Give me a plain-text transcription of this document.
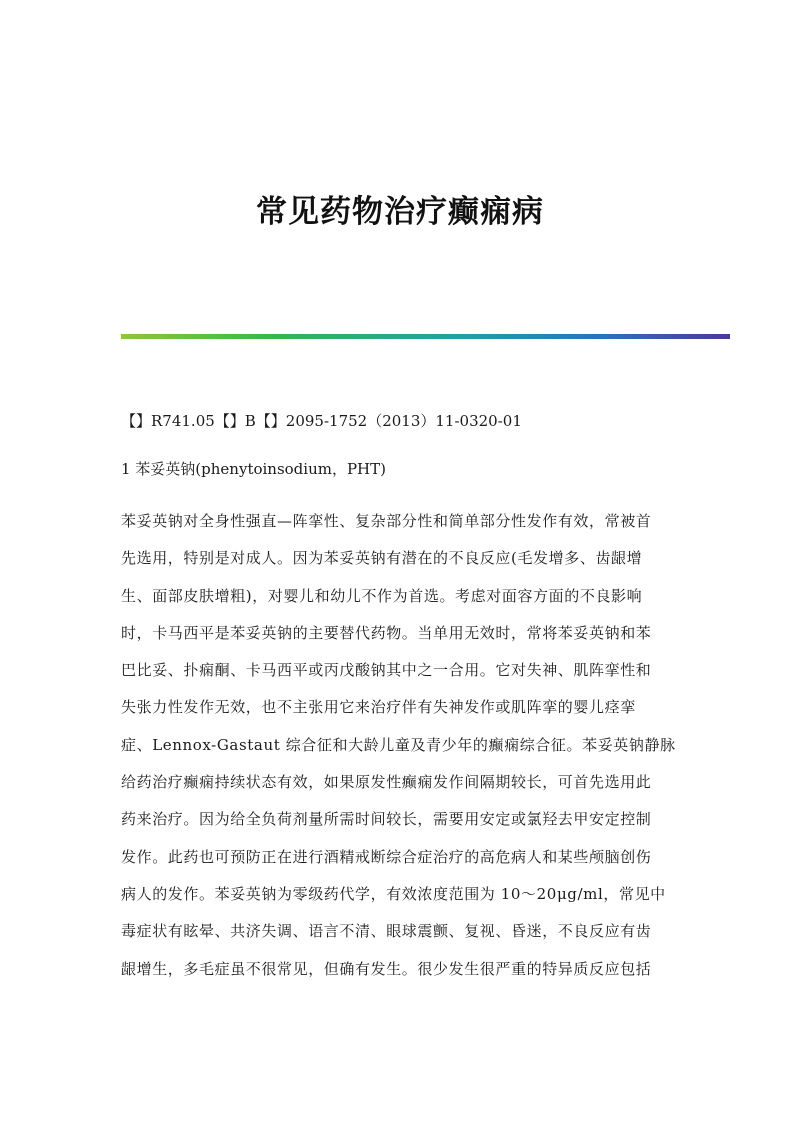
常见药物治疗癫痫病
【】R741.05【】B【】2095-1752（2013）11-0320-01
1 苯妥英钠(phenytoinsodium，PHT)
苯妥英钠对全身性强直—阵挛性、复杂部分性和简单部分性发作有效，常被首
先选用，特别是对成人。因为苯妥英钠有潜在的不良反应(毛发增多、齿龈增
生、面部皮肤增粗)，对婴儿和幼儿不作为首选。考虑对面容方面的不良影响
时，卡马西平是苯妥英钠的主要替代药物。当单用无效时，常将苯妥英钠和苯
巴比妥、扑痫酮、卡马西平或丙戊酸钠其中之一合用。它对失神、肌阵挛性和
失张力性发作无效，也不主张用它来治疗伴有失神发作或肌阵挛的婴儿痉挛
症、Lennox-Gastaut 综合征和大龄儿童及青少年的癫痫综合征。苯妥英钠静脉
给药治疗癫痫持续状态有效，如果原发性癫痫发作间隔期较长，可首先选用此
药来治疗。因为给全负荷剂量所需时间较长，需要用安定或氯羟去甲安定控制
发作。此药也可预防正在进行酒精戒断综合症治疗的高危病人和某些颅脑创伤
病人的发作。苯妥英钠为零级药代学，有效浓度范围为 10～20μg/ml，常见中
毒症状有眩晕、共济失调、语言不清、眼球震颤、复视、昏迷，不良反应有齿
龈增生，多毛症虽不很常见，但确有发生。很少发生很严重的特异质反应包括
